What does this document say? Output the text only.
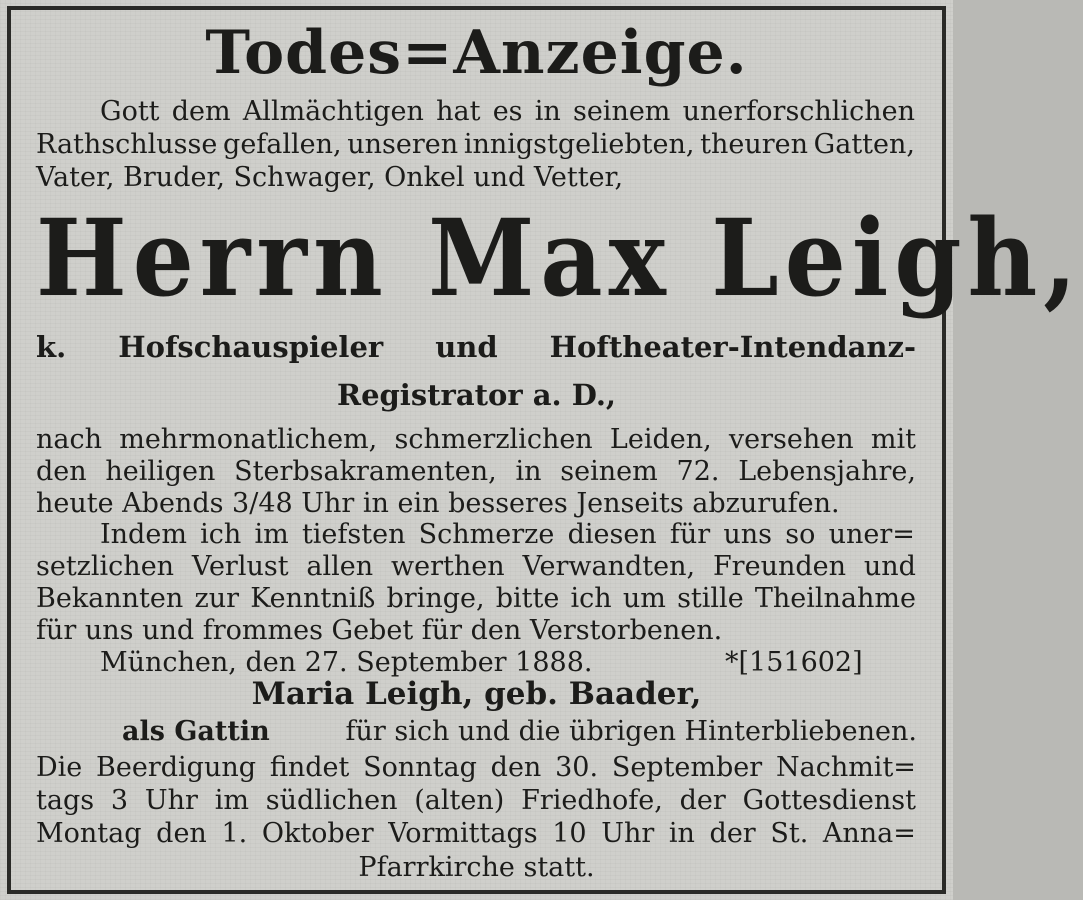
Todes=Anzeige.
Gott dem Allmächtigen hat es in seinem unerforschlichen
Rathschlusse gefallen, unseren innigstgeliebten, theuren Gatten,
Vater, Bruder, Schwager, Onkel und Vetter,
Herrn Max Leigh,
k. Hofschauspieler und Hoftheater-Intendanz-
Registrator a. D.,
nach mehrmonatlichem, schmerzlichen Leiden, versehen mit
den heiligen Sterbsakramenten, in seinem 72. Lebensjahre,
heute Abends 3/48 Uhr in ein besseres Jenseits abzurufen.
Indem ich im tiefsten Schmerze diesen für uns so uner=
setzlichen Verlust allen werthen Verwandten, Freunden und
Bekannten zur Kenntniß bringe, bitte ich um stille Theilnahme
für uns und frommes Gebet für den Verstorbenen.
München, den 27. September 1888.	*[151602]
Maria Leigh, geb. Baader,
als Gattin	für sich und die übrigen Hinterbliebenen.
Die Beerdigung findet Sonntag den 30. September Nachmit=
tags 3 Uhr im südlichen (alten) Friedhofe, der Gottesdienst
Montag den 1. Oktober Vormittags 10 Uhr in der St. Anna=
Pfarrkirche statt.
